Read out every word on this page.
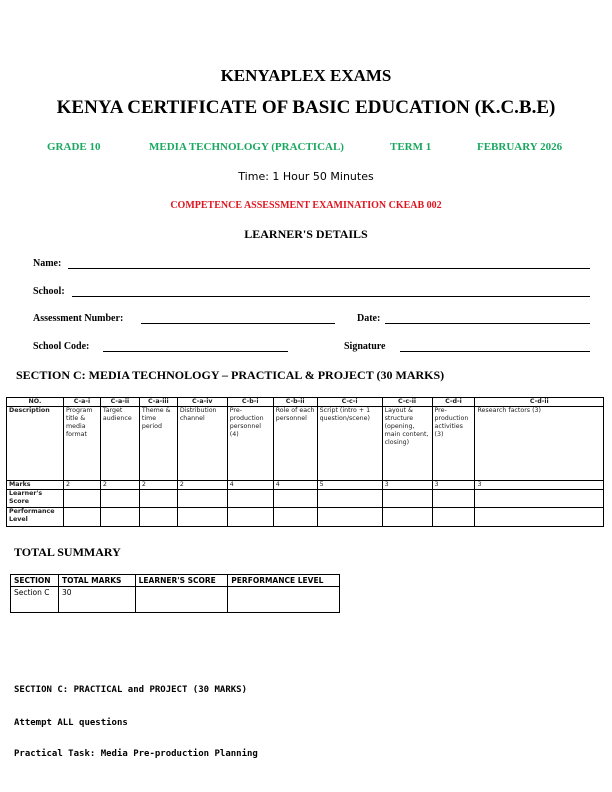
KENYAPLEX EXAMS
KENYA CERTIFICATE OF BASIC EDUCATION (K.C.B.E)
GRADE 10	MEDIA TECHNOLOGY (PRACTICAL)	TERM 1	FEBRUARY 2026
Time: 1 Hour 50 Minutes
COMPETENCE ASSESSMENT EXAMINATION CKEAB 002
LEARNER'S DETAILS
Name:
School:
Assessment Number:	Date:
School Code:	Signature
SECTION C: MEDIA TECHNOLOGY – PRACTICAL & PROJECT (30 MARKS)
NO.	C-a-i	C-a-ii	C-a-iii	C-a-iv	C-b-i	C-b-ii	C-c-i	C-c-ii	C-d-i	C-d-ii
Description	Program title & media format	Target audience	Theme & time period	Distribution channel	Pre-production personnel (4)	Role of each personnel	Script (intro + 1 question/scene)	Layout & structure (opening, main content, closing)	Pre-production activities (3)	Research factors (3)
Marks	2	2	2	2	4	4	5	3	3	3
Learner's Score										
Performance Level										
TOTAL SUMMARY
SECTION	TOTAL MARKS	LEARNER'S SCORE	PERFORMANCE LEVEL
Section C	30		
SECTION C: PRACTICAL and PROJECT (30 MARKS)
Attempt ALL questions
Practical Task: Media Pre-production Planning
